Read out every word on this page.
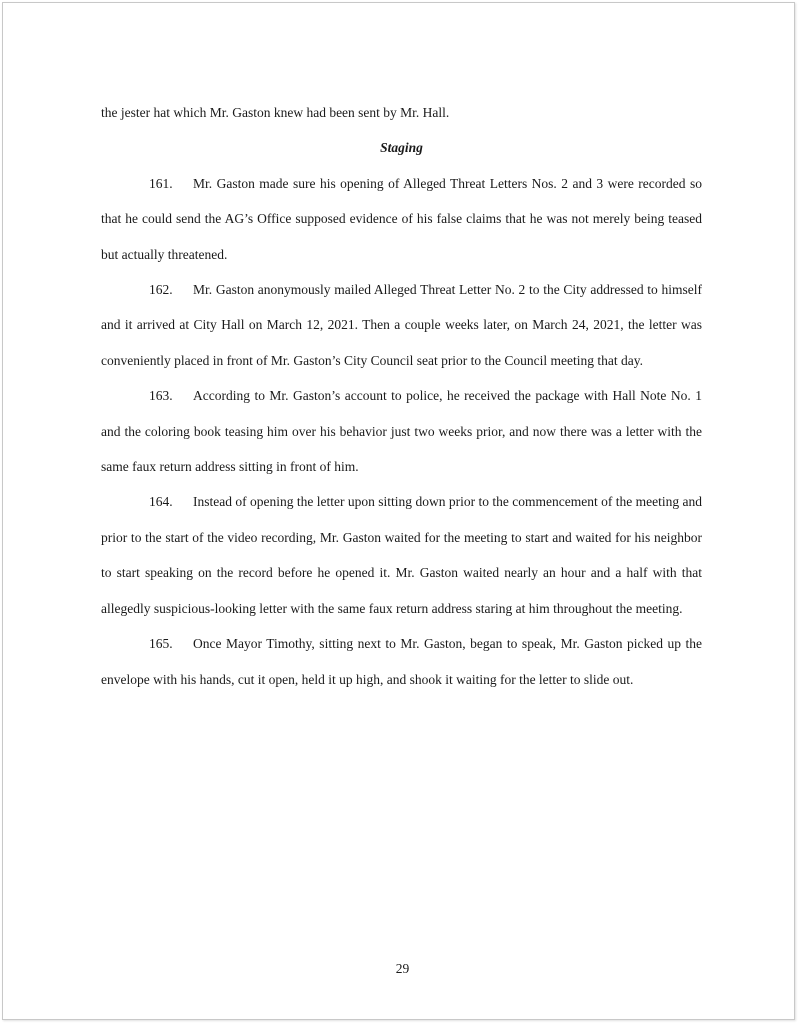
the jester hat which Mr. Gaston knew had been sent by Mr. Hall.

Staging

161. Mr. Gaston made sure his opening of Alleged Threat Letters Nos. 2 and 3 were recorded so that he could send the AG’s Office supposed evidence of his false claims that he was not merely being teased but actually threatened.

162. Mr. Gaston anonymously mailed Alleged Threat Letter No. 2 to the City addressed to himself and it arrived at City Hall on March 12, 2021. Then a couple weeks later, on March 24, 2021, the letter was conveniently placed in front of Mr. Gaston’s City Council seat prior to the Council meeting that day.

163. According to Mr. Gaston’s account to police, he received the package with Hall Note No. 1 and the coloring book teasing him over his behavior just two weeks prior, and now there was a letter with the same faux return address sitting in front of him.

164. Instead of opening the letter upon sitting down prior to the commencement of the meeting and prior to the start of the video recording, Mr. Gaston waited for the meeting to start and waited for his neighbor to start speaking on the record before he opened it. Mr. Gaston waited nearly an hour and a half with that allegedly suspicious-looking letter with the same faux return address staring at him throughout the meeting.

165. Once Mayor Timothy, sitting next to Mr. Gaston, began to speak, Mr. Gaston picked up the envelope with his hands, cut it open, held it up high, and shook it waiting for the letter to slide out.

29
